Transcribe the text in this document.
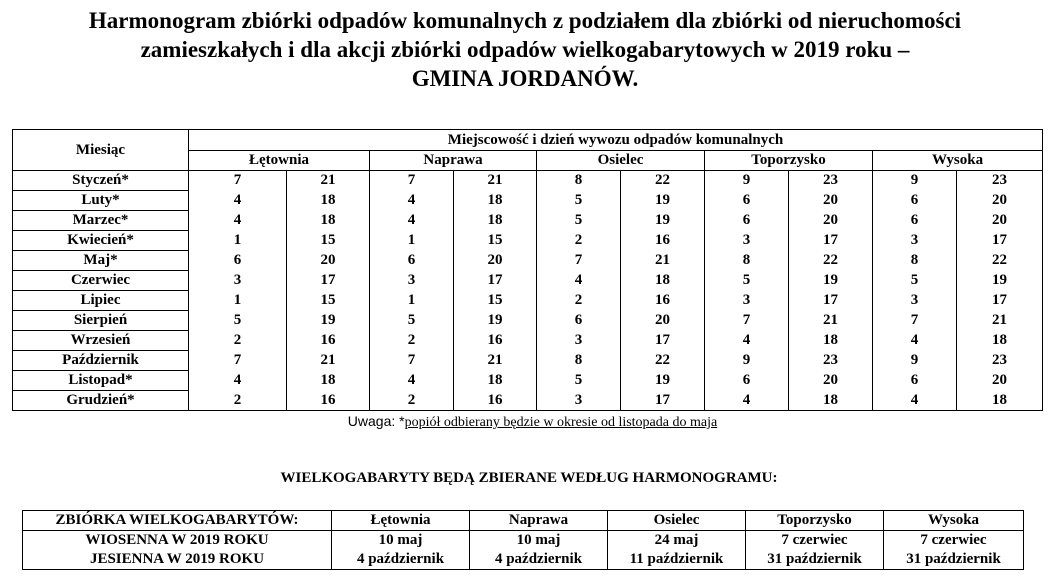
Harmonogram zbiórki odpadów komunalnych z podziałem dla zbiórki od nieruchomości
zamieszkałych i dla akcji zbiórki odpadów wielkogabarytowych w 2019 roku –
GMINA JORDANÓW.
Miesiąc	Miejscowość i dzień wywozu odpadów komunalnych									
	Łętownia		Naprawa		Osielec		Toporzysko		Wysoka	
Styczeń*	7	21	7	21	8	22	9	23	9	23
Luty*	4	18	4	18	5	19	6	20	6	20
Marzec*	4	18	4	18	5	19	6	20	6	20
Kwiecień*	1	15	1	15	2	16	3	17	3	17
Maj*	6	20	6	20	7	21	8	22	8	22
Czerwiec	3	17	3	17	4	18	5	19	5	19
Lipiec	1	15	1	15	2	16	3	17	3	17
Sierpień	5	19	5	19	6	20	7	21	7	21
Wrzesień	2	16	2	16	3	17	4	18	4	18
Październik	7	21	7	21	8	22	9	23	9	23
Listopad*	4	18	4	18	5	19	6	20	6	20
Grudzień*	2	16	2	16	3	17	4	18	4	18
Uwaga: *popiół odbierany będzie w okresie od listopada do maja
WIELKOGABARYTY BĘDĄ ZBIERANE WEDŁUG HARMONOGRAMU:
ZBIÓRKA WIELKOGABARYTÓW:	Łętownia	Naprawa	Osielec	Toporzysko	Wysoka
WIOSENNA W 2019 ROKU	10 maj	10 maj	24 maj	7 czerwiec	7 czerwiec
JESIENNA W 2019 ROKU	4 październik	4 październik	11 październik	31 październik	31 październik
